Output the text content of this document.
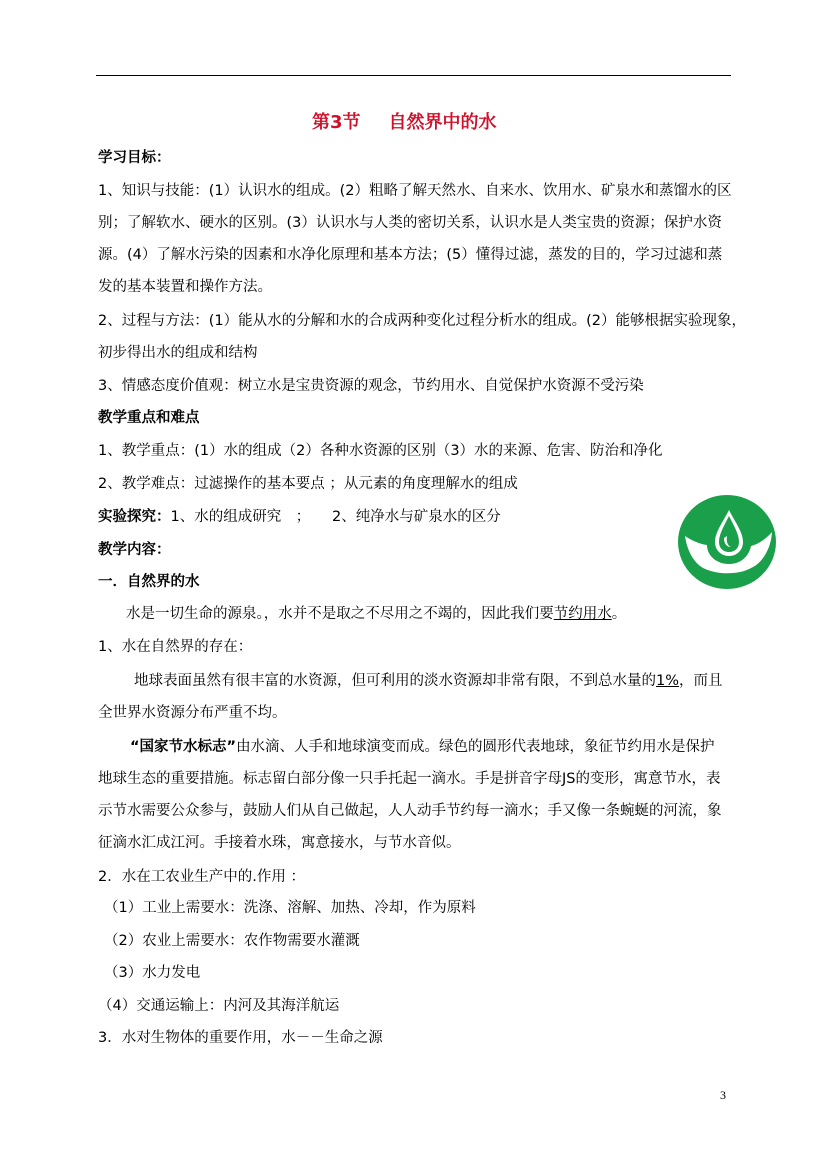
第3节 自然界中的水
学习目标：
1、知识与技能：(1）认识水的组成。(2）粗略了解天然水、自来水、饮用水、矿泉水和蒸馏水的区
别；了解软水、硬水的区别。(3）认识水与人类的密切关系，认识水是人类宝贵的资源；保护水资
源。(4）了解水污染的因素和水净化原理和基本方法；(5）懂得过滤，蒸发的目的，学习过滤和蒸
发的基本装置和操作方法。
2、过程与方法：(1）能从水的分解和水的合成两种变化过程分析水的组成。(2）能够根据实验现象，
初步得出水的组成和结构
3、情感态度价值观：树立水是宝贵资源的观念，节约用水、自觉保护水资源不受污染
教学重点和难点
1、教学重点：(1）水的组成（2）各种水资源的区别（3）水的来源、危害、防治和净化
2、教学难点：过滤操作的基本要点 ；从元素的角度理解水的组成
实验探究：1、水的组成研究　；　　2、纯净水与矿泉水的区分
教学内容：
一．自然界的水
水是一切生命的源泉。，水并不是取之不尽用之不竭的，因此我们要节约用水。
1、水在自然界的存在：
地球表面虽然有很丰富的水资源，但可利用的淡水资源却非常有限，不到总水量的1%，而且
全世界水资源分布严重不均。
“国家节水标志”由水滴、人手和地球演变而成。绿色的圆形代表地球，象征节约用水是保护
地球生态的重要措施。标志留白部分像一只手托起一滴水。手是拼音字母JS的变形，寓意节水，表
示节水需要公众参与，鼓励人们从自己做起，人人动手节约每一滴水；手又像一条蜿蜒的河流，象
征滴水汇成江河。手接着水珠，寓意接水，与节水音似。
2．水在工农业生产中的.作用 ：
（1）工业上需要水：洗涤、溶解、加热、冷却，作为原料
（2）农业上需要水：农作物需要水灌溉
（3）水力发电
（4）交通运输上：内河及其海洋航运
3．水对生物体的重要作用，水－－生命之源
3
